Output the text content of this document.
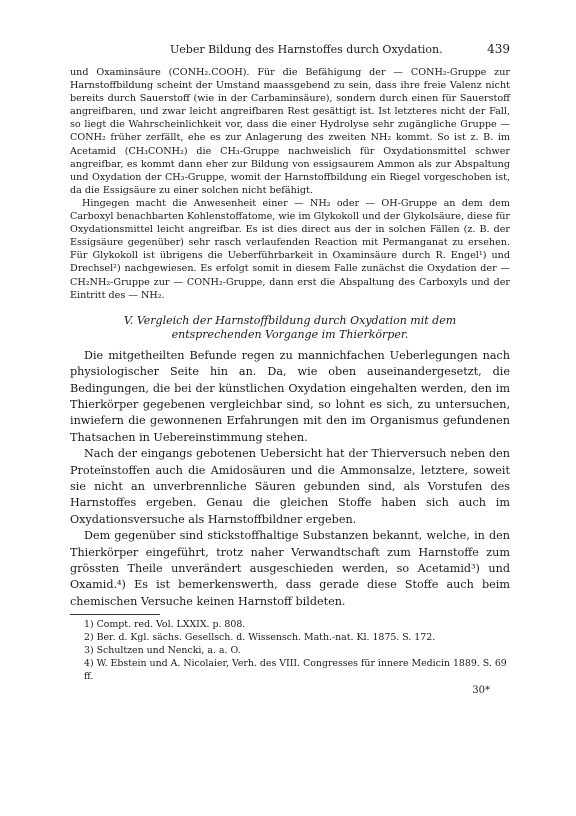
Ueber Bildung des Harnstoffes durch Oxydation.	439

und Oxaminsäure (CONH₂.COOH). Für die Befähigung der — CONH₂-Gruppe zur Harnstoffbildung scheint der Umstand maassgebend zu sein, dass ihre freie Valenz nicht bereits durch Sauerstoff (wie in der Carbaminsäure), sondern durch einen für Sauerstoff angreifbaren, und zwar leicht angreifbaren Rest gesättigt ist. Ist letzteres nicht der Fall, so liegt die Wahrscheinlichkeit vor, dass die einer Hydrolyse sehr zugängliche Gruppe — CONH₂ früher zerfällt, ehe es zur Anlagerung des zweiten NH₂ kommt. So ist z. B. im Acetamid (CH₃CONH₂) die CH₃-Gruppe nachweislich für Oxydationsmittel schwer angreifbar, es kommt dann eher zur Bildung von essigsaurem Ammon als zur Abspaltung und Oxydation der CH₃-Gruppe, womit der Harnstoffbildung ein Riegel vorgeschoben ist, da die Essigsäure zu einer solchen nicht befähigt.

Hingegen macht die Anwesenheit einer — NH₂ oder — OH-Gruppe an dem dem Carboxyl benachbarten Kohlenstoffatome, wie im Glykokoll und der Glykolsäure, diese für Oxydationsmittel leicht angreifbar. Es ist dies direct aus der in solchen Fällen (z. B. der Essigsäure gegenüber) sehr rasch verlaufenden Reaction mit Permanganat zu ersehen. Für Glykokoll ist übrigens die Ueberführbarkeit in Oxaminsäure durch R. Engel¹) und Drechsel²) nachgewiesen. Es erfolgt somit in diesem Falle zunächst die Oxydation der — CH₂NH₂-Gruppe zur — CONH₂-Gruppe, dann erst die Abspaltung des Carboxyls und der Eintritt des — NH₂.

V. Vergleich der Harnstoffbildung durch Oxydation mit dem entsprechenden Vorgange im Thierkörper.

Die mitgetheilten Befunde regen zu mannichfachen Ueberlegungen nach physiologischer Seite hin an. Da, wie oben auseinandergesetzt, die Bedingungen, die bei der künstlichen Oxydation eingehalten werden, den im Thierkörper gegebenen vergleichbar sind, so lohnt es sich, zu untersuchen, inwiefern die gewonnenen Erfahrungen mit den im Organismus gefundenen Thatsachen in Uebereinstimmung stehen.

Nach der eingangs gebotenen Uebersicht hat der Thierversuch neben den Proteïnstoffen auch die Amidosäuren und die Ammonsalze, letztere, soweit sie nicht an unverbrennliche Säuren gebunden sind, als Vorstufen des Harnstoffes ergeben. Genau die gleichen Stoffe haben sich auch im Oxydationsversuche als Harnstoffbildner ergeben.

Dem gegenüber sind stickstoffhaltige Substanzen bekannt, welche, in den Thierkörper eingeführt, trotz naher Verwandtschaft zum Harnstoffe zum grössten Theile unverändert ausgeschieden werden, so Acetamid³) und Oxamid.⁴) Es ist bemerkenswerth, dass gerade diese Stoffe auch beim chemischen Versuche keinen Harnstoff bildeten.

1) Compt. red. Vol. LXXIX. p. 808.

2) Ber. d. Kgl. sächs. Gesellsch. d. Wissensch. Math.-nat. Kl. 1875. S. 172.

3) Schultzen und Nencki, a. a. O.

4) W. Ebstein und A. Nicolaier, Verh. des VIII. Congresses für innere Medicin 1889. S. 69 ff.

30*
